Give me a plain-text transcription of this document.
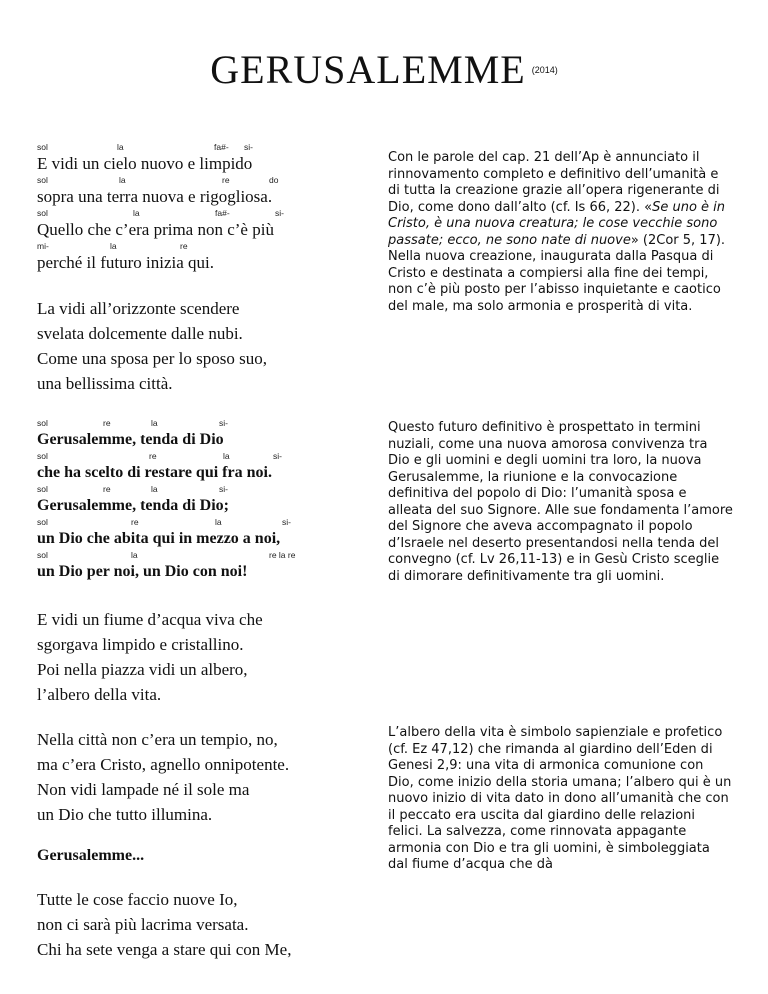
GERUSALEMME $^{(2014)}$
sol	la	fa#- si-

E vidi un cielo nuovo e limpido

sol	la	re	do

sopra una terra nuova e rigogliosa.

sol	la	fa#-	si-

Quello che c’era prima non c’è più

mi-	la	re

perché il futuro inizia qui.

La vidi all’orizzonte scendere

svelata dolcemente dalle nubi.

Come una sposa per lo sposo suo,

una bellissima città.

sol	re	la	si-

Gerusalemme, tenda di Dio

sol	re	la	si-

che ha scelto di restare qui fra noi.

sol	re	la	si-

Gerusalemme, tenda di Dio;

sol	re	la	si-

un Dio che abita qui in mezzo a noi,

sol	la	re la re

un Dio per noi, un Dio con noi!

E vidi un fiume d’acqua viva che

sgorgava limpido e cristallino.

Poi nella piazza vidi un albero,

l’albero della vita.

Nella città non c’era un tempio, no,

ma c’era Cristo, agnello onnipotente.

Non vidi lampade né il sole ma

un Dio che tutto illumina.

Gerusalemme...

Tutte le cose faccio nuove Io,

non ci sarà più lacrima versata.

Chi ha sete venga a stare qui con Me,

Con le parole del cap. 21 dell’Ap è annunciato il rinnovamento completo e definitivo dell’umanità e di tutta la creazione grazie all’opera rigenerante di Dio, come dono dall’alto (cf. Is 66, 22). «Se uno è in Cristo, è una nuova creatura; le cose vecchie sono passate; ecco, ne sono nate di nuove» (2Cor 5, 17). Nella nuova creazione, inaugurata dalla Pasqua di Cristo e destinata a compiersi alla fine dei tempi, non c’è più posto per l’abisso inquietante e caotico del male, ma solo armonia e prosperità di vita.

Questo futuro definitivo è prospettato in termini nuziali, come una nuova amorosa convivenza tra Dio e gli uomini e degli uomini tra loro, la nuova Gerusalemme, la riunione e la convocazione definitiva del popolo di Dio: l’umanità sposa e alleata del suo Signore. Alle sue fondamenta l’amore del Signore che aveva accompagnato il popolo d’Israele nel deserto presentandosi nella tenda del convegno (cf. Lv 26,11-13) e in Gesù Cristo sceglie di dimorare definitivamente tra gli uomini.

L’albero della vita è simbolo sapienziale e profetico (cf. Ez 47,12) che rimanda al giardino dell’Eden di Genesi 2,9: una vita di armonica comunione con Dio, come inizio della storia umana; l’albero qui è un nuovo inizio di vita dato in dono all’umanità che con il peccato era uscita dal giardino delle relazioni felici. La salvezza, come rinnovata appagante armonia con Dio e tra gli uomini, è simboleggiata dal fiume d’acqua che dà
